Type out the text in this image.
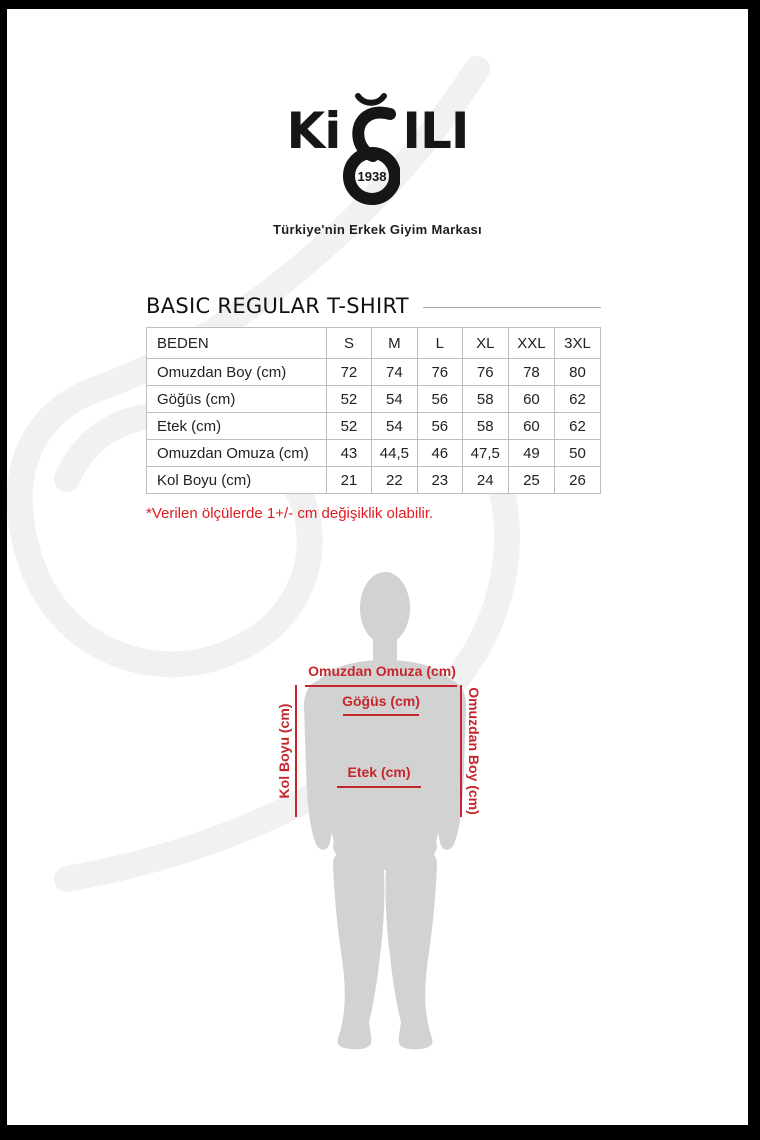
Ki
1938
ILI
Türkiye'nin Erkek Giyim Markası
BASIC REGULAR T-SHIRT
BEDEN	S	M	L	XL	XXL	3XL
Omuzdan Boy (cm)	72	74	76	76	78	80
Göğüs (cm)	52	54	56	58	60	62
Etek (cm)	52	54	56	58	60	62
Omuzdan Omuza (cm)	43	44,5	46	47,5	49	50
Kol Boyu (cm)	21	22	23	24	25	26

*Verilen ölçülerde 1+/- cm değişiklik olabilir.

Omuzdan Omuza (cm)
Göğüs (cm)
Etek (cm)
Kol Boyu (cm)	Omuzdan Boy (cm)
